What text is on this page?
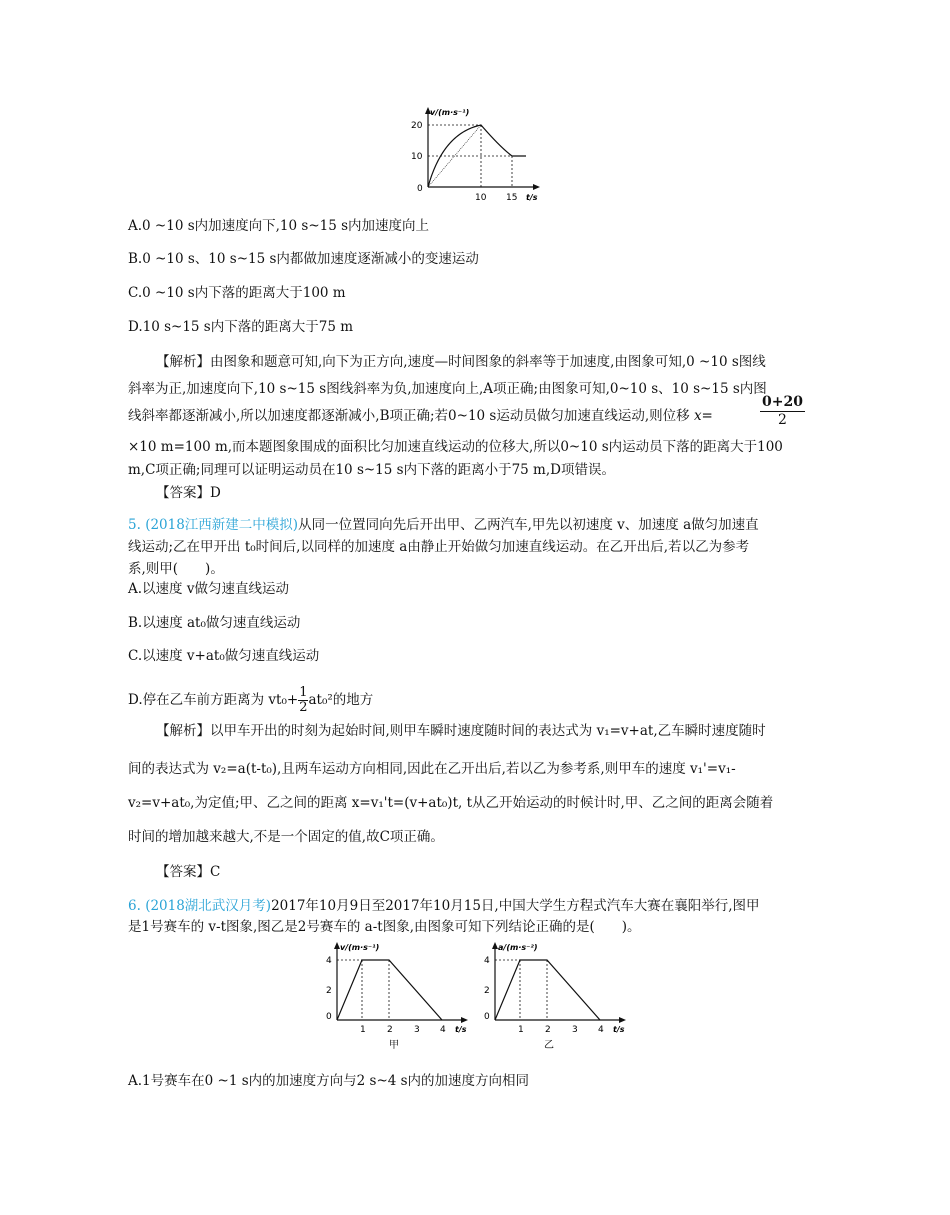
v/(m·s⁻¹)
20
10
0
10 15 t/s
A.0 ~10 s内加速度向下,10 s~15 s内加速度向上
B.0 ~10 s、10 s~15 s内都做加速度逐渐减小的变速运动
C.0 ~10 s内下落的距离大于100 m
D.10 s~15 s内下落的距离大于75 m
【解析】由图象和题意可知,向下为正方向,速度—时间图象的斜率等于加速度,由图象可知,0 ~10 s图线
斜率为正,加速度向下,10 s~15 s图线斜率为负,加速度向上,A项正确;由图象可知,0~10 s、10 s~15 s内图
线斜率都逐渐减小,所以加速度都逐渐减小,B项正确;若0~10 s运动员做匀加速直线运动,则位移 x=	$\frac{0+20}{2}$
×10 m=100 m,而本题图象围成的面积比匀加速直线运动的位移大,所以0~10 s内运动员下落的距离大于100
m,C项正确;同理可以证明运动员在10 s~15 s内下落的距离小于75 m,D项错误。
【答案】D
5. (2018江西新建二中模拟)从同一位置同向先后开出甲、乙两汽车,甲先以初速度 v、加速度 a做匀加速直
线运动;乙在甲开出 t₀时间后,以同样的加速度 a由静止开始做匀加速直线运动。在乙开出后,若以乙为参考
系,则甲(　　)。
A.以速度 v做匀速直线运动
B.以速度 at₀做匀速直线运动
C.以速度 v+at₀做匀速直线运动
D.停在乙车前方距离为 $vt_0+ \frac{1}{2} at_0^2$的地方
【解析】以甲车开出的时刻为起始时间,则甲车瞬时速度随时间的表达式为 v₁=v+at,乙车瞬时速度随时
间的表达式为 v₂=a(t-t₀),且两车运动方向相同,因此在乙开出后,若以乙为参考系,则甲车的速度 v₁'=v₁-
v₂=v+at₀,为定值;甲、乙之间的距离 x=v₁'t=(v+at₀)t, t从乙开始运动的时候计时,甲、乙之间的距离会随着
时间的增加越来越大,不是一个固定的值,故C项正确。
【答案】C
6. (2018湖北武汉月考)2017年10月9日至2017年10月15日,中国大学生方程式汽车大赛在襄阳举行,图甲
是1号赛车的 v-t图象,图乙是2号赛车的 a-t图象,由图象可知下列结论正确的是(　　)。
v/(m·s⁻¹)
4
2
0
1 2 3 4 t/s
甲
a/(m·s⁻²)
4
2
0
1 2 3 4 t/s
乙
A.1号赛车在0 ~1 s内的加速度方向与2 s~4 s内的加速度方向相同
